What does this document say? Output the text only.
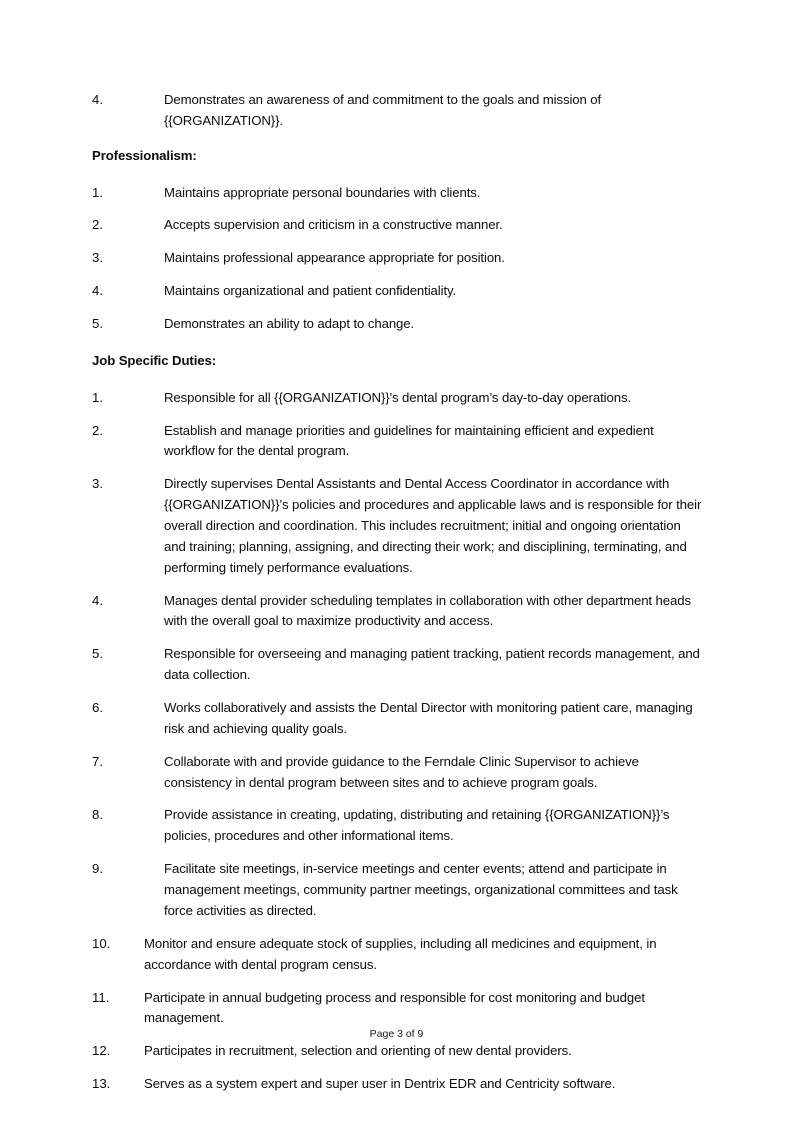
4.	Demonstrates an awareness of and commitment to the goals and mission of {{ORGANIZATION}}.
Professionalism:
1.	Maintains appropriate personal boundaries with clients.
2.	Accepts supervision and criticism in a constructive manner.
3.	Maintains professional appearance appropriate for position.
4.	Maintains organizational and patient confidentiality.
5.	Demonstrates an ability to adapt to change.
Job Specific Duties:
1.	Responsible for all {{ORGANIZATION}}'s dental program’s day-to-day operations.
2.	Establish and manage priorities and guidelines for maintaining efficient and expedient workflow for the dental program.
3.	Directly supervises Dental Assistants and Dental Access Coordinator in accordance with {{ORGANIZATION}}’s policies and procedures and applicable laws and is responsible for their overall direction and coordination. This includes recruitment; initial and ongoing orientation and training; planning, assigning, and directing their work; and disciplining, terminating, and performing timely performance evaluations.
4.	Manages dental provider scheduling templates in collaboration with other department heads with the overall goal to maximize productivity and access.
5.	Responsible for overseeing and managing patient tracking, patient records management, and data collection.
6.	Works collaboratively and assists the Dental Director with monitoring patient care, managing risk and achieving quality goals.
7.	Collaborate with and provide guidance to the Ferndale Clinic Supervisor to achieve consistency in dental program between sites and to achieve program goals.
8.	Provide assistance in creating, updating, distributing and retaining {{ORGANIZATION}}’s policies, procedures and other informational items.
9.	Facilitate site meetings, in-service meetings and center events; attend and participate in management meetings, community partner meetings, organizational committees and task force activities as directed.
10.	Monitor and ensure adequate stock of supplies, including all medicines and equipment, in accordance with dental program census.
11.	Participate in annual budgeting process and responsible for cost monitoring and budget management.
12.	Participates in recruitment, selection and orienting of new dental providers.
13.	Serves as a system expert and super user in Dentrix EDR and Centricity software.
Page 3 of 9
